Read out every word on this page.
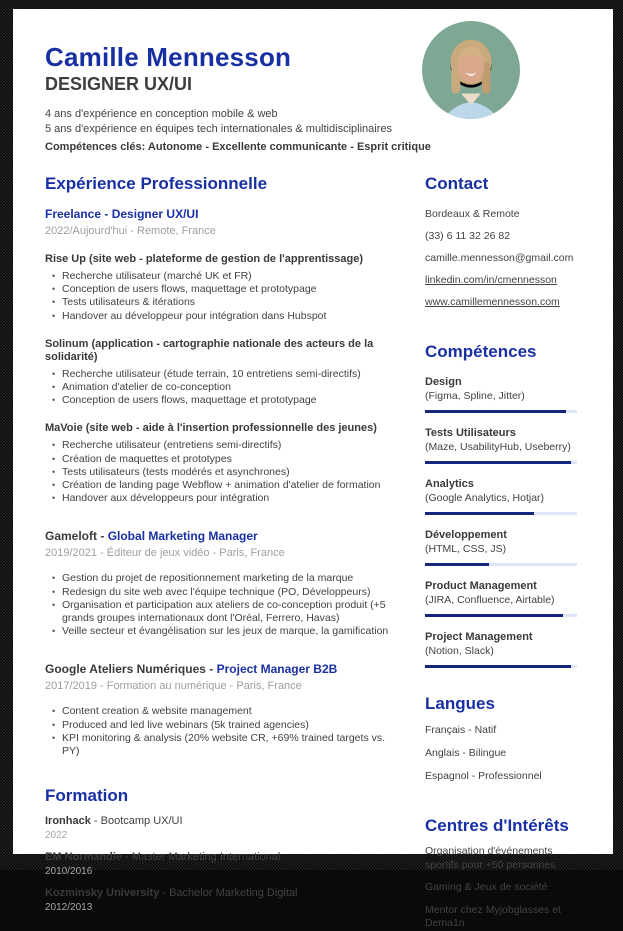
Camille Mennesson
DESIGNER UX/UI
4 ans d'expérience en conception mobile & web
5 ans d'expérience en équipes tech internationales & multidisciplinaires
Compétences clés: Autonome - Excellente communicante - Esprit critique
Expérience Professionnelle
Freelance - Designer UX/UI
2022/Aujourd'hui - Remote, France
Rise Up (site web - plateforme de gestion de l'apprentissage)
• Recherche utilisateur (marché UK et FR)
• Conception de users flows, maquettage et prototypage
• Tests utilisateurs & itérations
• Handover au développeur pour intégration dans Hubspot
Solinum (application - cartographie nationale des acteurs de la solidarité)
• Recherche utilisateur (étude terrain, 10 entretiens semi-directifs)
• Animation d'atelier de co-conception
• Conception de users flows, maquettage et prototypage
MaVoie (site web - aide à l'insertion professionnelle des jeunes)
• Recherche utilisateur (entretiens semi-directifs)
• Création de maquettes et prototypes
• Tests utilisateurs (tests modérés et asynchrones)
• Création de landing page Webflow + animation d'atelier de formation
• Handover aux développeurs pour intégration
Gameloft - Global Marketing Manager
2019/2021 - Éditeur de jeux vidéo - Paris, France
• Gestion du projet de repositionnement marketing de la marque
• Redesign du site web avec l'équipe technique (PO, Développeurs)
• Organisation et participation aux ateliers de co-conception produit (+5 grands groupes internationaux dont l'Oréal, Ferrero, Havas)
• Veille secteur et évangélisation sur les jeux de marque, la gamification
Google Ateliers Numériques - Project Manager B2B
2017/2019 - Formation au numérique - Paris, France
• Content creation & website management
• Produced and led live webinars (5k trained agencies)
• KPI monitoring & analysis (20% website CR, +69% trained targets vs. PY)
Formation
Ironhack - Bootcamp UX/UI
2022
EM Normandie - Master Marketing International
2010/2016
Kozminsky University - Bachelor Marketing Digital
2012/2013
Contact
Bordeaux & Remote
(33) 6 11 32 26 82
camille.mennesson@gmail.com
linkedin.com/in/cmennesson
www.camillemennesson.com
Compétences
Design
(Figma, Spline, Jitter)
Tests Utilisateurs
(Maze, UsabilityHub, Useberry)
Analytics
(Google Analytics, Hotjar)
Développement
(HTML, CSS, JS)
Product Management
(JIRA, Confluence, Airtable)
Project Management
(Notion, Slack)
Langues
Français - Natif
Anglais - Bilingue
Espagnol - Professionnel
Centres d'Intérêts
Organisation d'événements sportifs pour +50 personnes
Gaming & Jeux de société
Mentor chez Myjobglasses et Dema1n
